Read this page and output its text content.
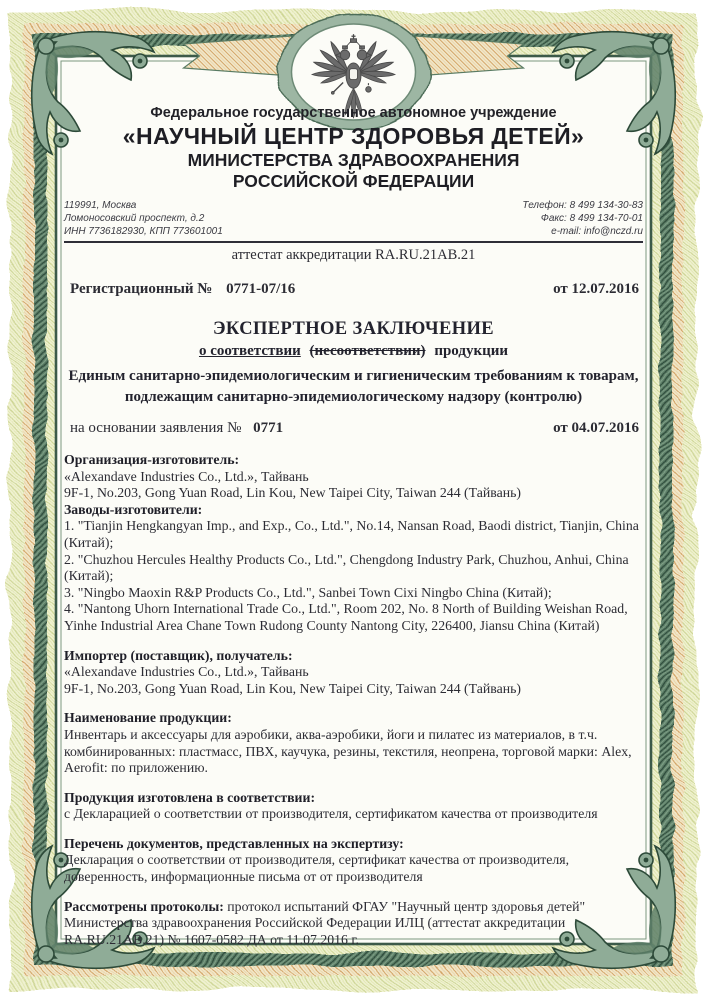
Федеральное государственное автономное учреждение
«НАУЧНЫЙ ЦЕНТР ЗДОРОВЬЯ ДЕТЕЙ»
МИНИСТЕРСТВА ЗДРАВООХРАНЕНИЯ
РОССИЙСКОЙ ФЕДЕРАЦИИ
119991, Москва
Ломоносовский проспект, д.2
ИНН 7736182930, КПП 773601001
Телефон: 8 499 134-30-83
Факс: 8 499 134-70-01
e-mail: info@nczd.ru
аттестат аккредитации RA.RU.21АВ.21
Регистрационный № 0771-07/16	от 12.07.2016
ЭКСПЕРТНОЕ ЗАКЛЮЧЕНИЕ
о соответствии (несоответствии) продукции
Единым санитарно-эпидемиологическим и гигиеническим требованиям к товарам,
подлежащим санитарно-эпидемиологическому надзору (контролю)
на основании заявления № 0771	от 04.07.2016
Организация-изготовитель:

«Alexandave Industries Co., Ltd.», Тайвань

9F-1, No.203, Gong Yuan Road, Lin Kou, New Taipei City, Taiwan 244 (Тайвань)

Заводы-изготовители:

1. "Tianjin Hengkangyan Imp., and Exp., Co., Ltd.", No.14, Nansan Road, Baodi district, Tianjin, China (Китай);

2. "Chuzhou Hercules Healthy Products Co., Ltd.", Chengdong Industry Park, Chuzhou, Anhui, China (Китай);

3. "Ningbo Maoxin R&P Products Co., Ltd.", Sanbei Town Cixi Ningbo China (Китай);

4. "Nantong Uhorn International Trade Co., Ltd.", Room 202, No. 8 North of Building Weishan Road, Yinhe Industrial Area Chane Town Rudong County Nantong City, 226400, Jiansu China (Китай)

Импортер (поставщик), получатель:

«Alexandave Industries Co., Ltd.», Тайвань

9F-1, No.203, Gong Yuan Road, Lin Kou, New Taipei City, Taiwan 244 (Тайвань)

Наименование продукции:

Инвентарь и аксессуары для аэробики, аква-аэробики, йоги и пилатес из материалов, в т.ч. комбинированных: пластмасс, ПВХ, каучука, резины, текстиля, неопрена, торговой марки: Alex, Aerofit: по приложению.

Продукция изготовлена в соответствии:

с Декларацией о соответствии от производителя, сертификатом качества от производителя

Перечень документов, представленных на экспертизу:

Декларация о соответствии от производителя, сертификат качества от производителя, доверенность, информационные письма от от производителя

Рассмотрены протоколы: протокол испытаний ФГАУ "Научный центр здоровья детей" Министерства здравоохранения Российской Федерации ИЛЦ (аттестат аккредитации RA.RU.21АВ.21) № 1607-0582 ДА от 11.07.2016 г.
